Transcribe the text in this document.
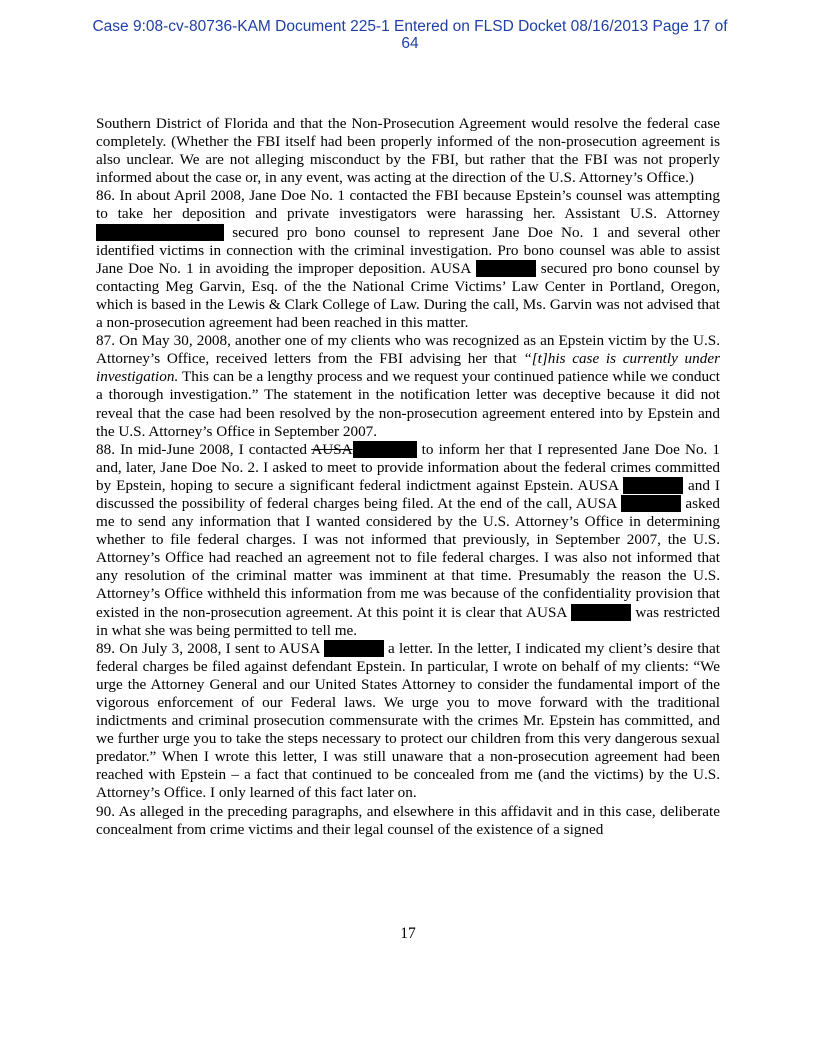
Case 9:08-cv-80736-KAM Document 225-1 Entered on FLSD Docket 08/16/2013 Page 17 of
64

Southern District of Florida and that the Non-Prosecution Agreement would resolve the federal case completely. (Whether the FBI itself had been properly informed of the non-prosecution agreement is also unclear. We are not alleging misconduct by the FBI, but rather that the FBI was not properly informed about the case or, in any event, was acting at the direction of the U.S. Attorney’s Office.)

86. In about April 2008, Jane Doe No. 1 contacted the FBI because Epstein’s counsel was attempting to take her deposition and private investigators were harassing her. Assistant U.S. Attorney  secured pro bono counsel to represent Jane Doe No. 1 and several other identified victims in connection with the criminal investigation. Pro bono counsel was able to assist Jane Doe No. 1 in avoiding the improper deposition. AUSA	secured pro bono counsel by contacting Meg Garvin, Esq. of the the National Crime Victims’ Law Center in Portland, Oregon, which is based in the Lewis & Clark College of Law. During the call, Ms. Garvin was not advised that a non-prosecution agreement had been reached in this matter.

87. On May 30, 2008, another one of my clients who was recognized as an Epstein victim by the U.S. Attorney’s Office, received letters from the FBI advising her that “[t]his case is currently under investigation. This can be a lengthy process and we request your continued patience while we conduct a thorough investigation.” The statement in the notification letter was deceptive because it did not reveal that the case had been resolved by the non-prosecution agreement entered into by Epstein and the U.S. Attorney’s Office in September 2007.

88. In mid-June 2008, I contacted AUSA	to inform her that I represented Jane Doe No. 1 and, later, Jane Doe No. 2. I asked to meet to provide information about the federal crimes committed by Epstein, hoping to secure a significant federal indictment against Epstein. AUSA	and I discussed the possibility of federal charges being filed. At the end of the call, AUSA	asked me to send any information that I wanted considered by the U.S. Attorney’s Office in determining whether to file federal charges. I was not informed that previously, in September 2007, the U.S. Attorney’s Office had reached an agreement not to file federal charges. I was also not informed that any resolution of the criminal matter was imminent at that time. Presumably the reason the U.S. Attorney’s Office withheld this information from me was because of the confidentiality provision that existed in the non-prosecution agreement. At this point it is clear that AUSA	was restricted in what she was being permitted to tell me.

89. On July 3, 2008, I sent to AUSA	a letter. In the letter, I indicated my client’s desire that federal charges be filed against defendant Epstein. In particular, I wrote on behalf of my clients: “We urge the Attorney General and our United States Attorney to consider the fundamental import of the vigorous enforcement of our Federal laws. We urge you to move forward with the traditional indictments and criminal prosecution commensurate with the crimes Mr. Epstein has committed, and we further urge you to take the steps necessary to protect our children from this very dangerous sexual predator.” When I wrote this letter, I was still unaware that a non-prosecution agreement had been reached with Epstein – a fact that continued to be concealed from me (and the victims) by the U.S. Attorney’s Office. I only learned of this fact later on.

90. As alleged in the preceding paragraphs, and elsewhere in this affidavit and in this case, deliberate concealment from crime victims and their legal counsel of the existence of a signed

17
